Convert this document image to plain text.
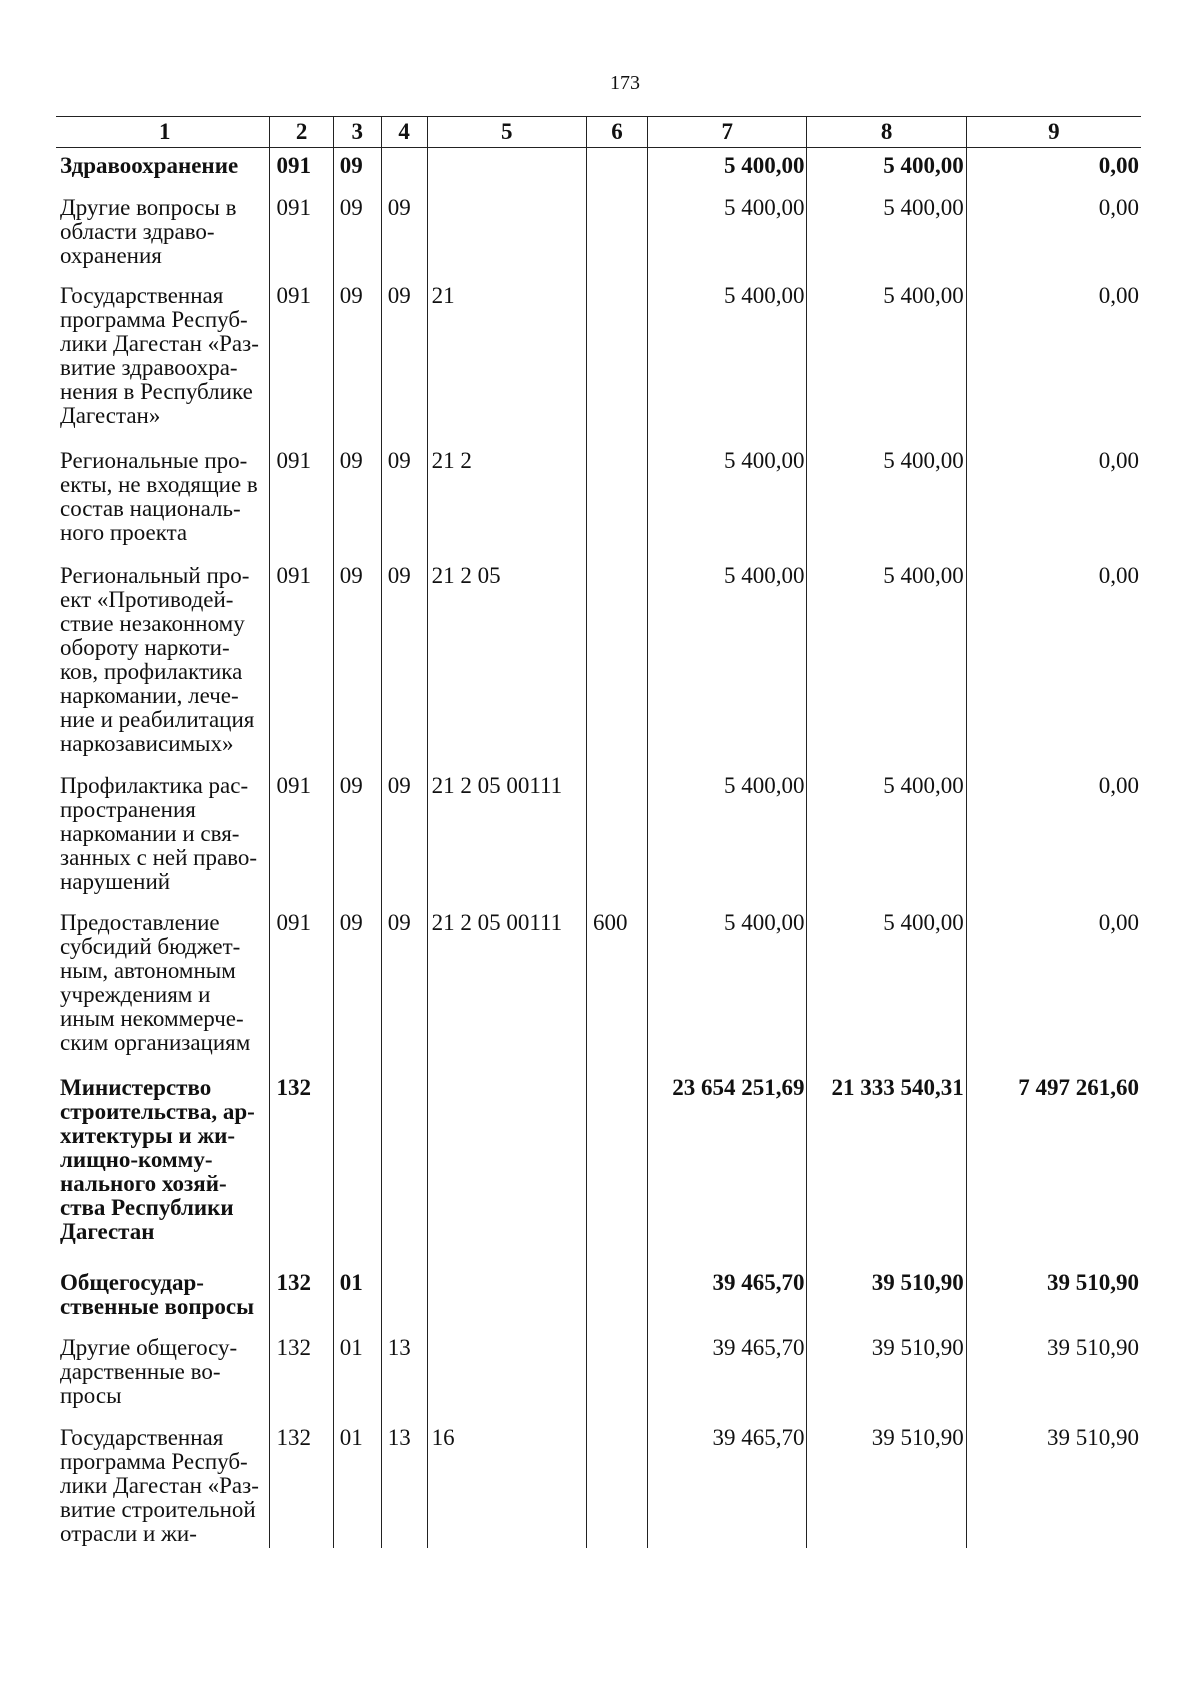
173
1	2	3	4	5	6	7	8	9
Здравоохранение	091	09				5 400,00	5 400,00	0,00
Другие вопросы в области здраво-охранения	091	09	09			5 400,00	5 400,00	0,00
Государственная программа Респуб-лики Дагестан «Раз-витие здравоохра-нения в Республике Дагестан»	091	09	09	21		5 400,00	5 400,00	0,00
Региональные про-екты, не входящие в состав националь-ного проекта	091	09	09	21 2		5 400,00	5 400,00	0,00
Региональный про-ект «Противодей-ствие незаконному обороту наркоти-ков, профилактика наркомании, лече-ние и реабилитация наркозависимых»	091	09	09	21 2 05		5 400,00	5 400,00	0,00
Профилактика рас-пространения наркомании и свя-занных с ней право-нарушений	091	09	09	21 2 05 00111		5 400,00	5 400,00	0,00
Предоставление субсидий бюджет-ным, автономным учреждениям и иным некоммерче-ским организациям	091	09	09	21 2 05 00111	600	5 400,00	5 400,00	0,00
Министерство строительства, ар-хитектуры и жи-лищно-комму-нального хозяй-ства Республики Дагестан	132					23 654 251,69	21 333 540,31	7 497 261,60
Общегосудар-ственные вопросы	132	01				39 465,70	39 510,90	39 510,90
Другие общегосу-дарственные во-просы	132	01	13			39 465,70	39 510,90	39 510,90
Государственная программа Респуб-лики Дагестан «Раз-витие строительной отрасли и жи-	132	01	13	16		39 465,70	39 510,90	39 510,90
